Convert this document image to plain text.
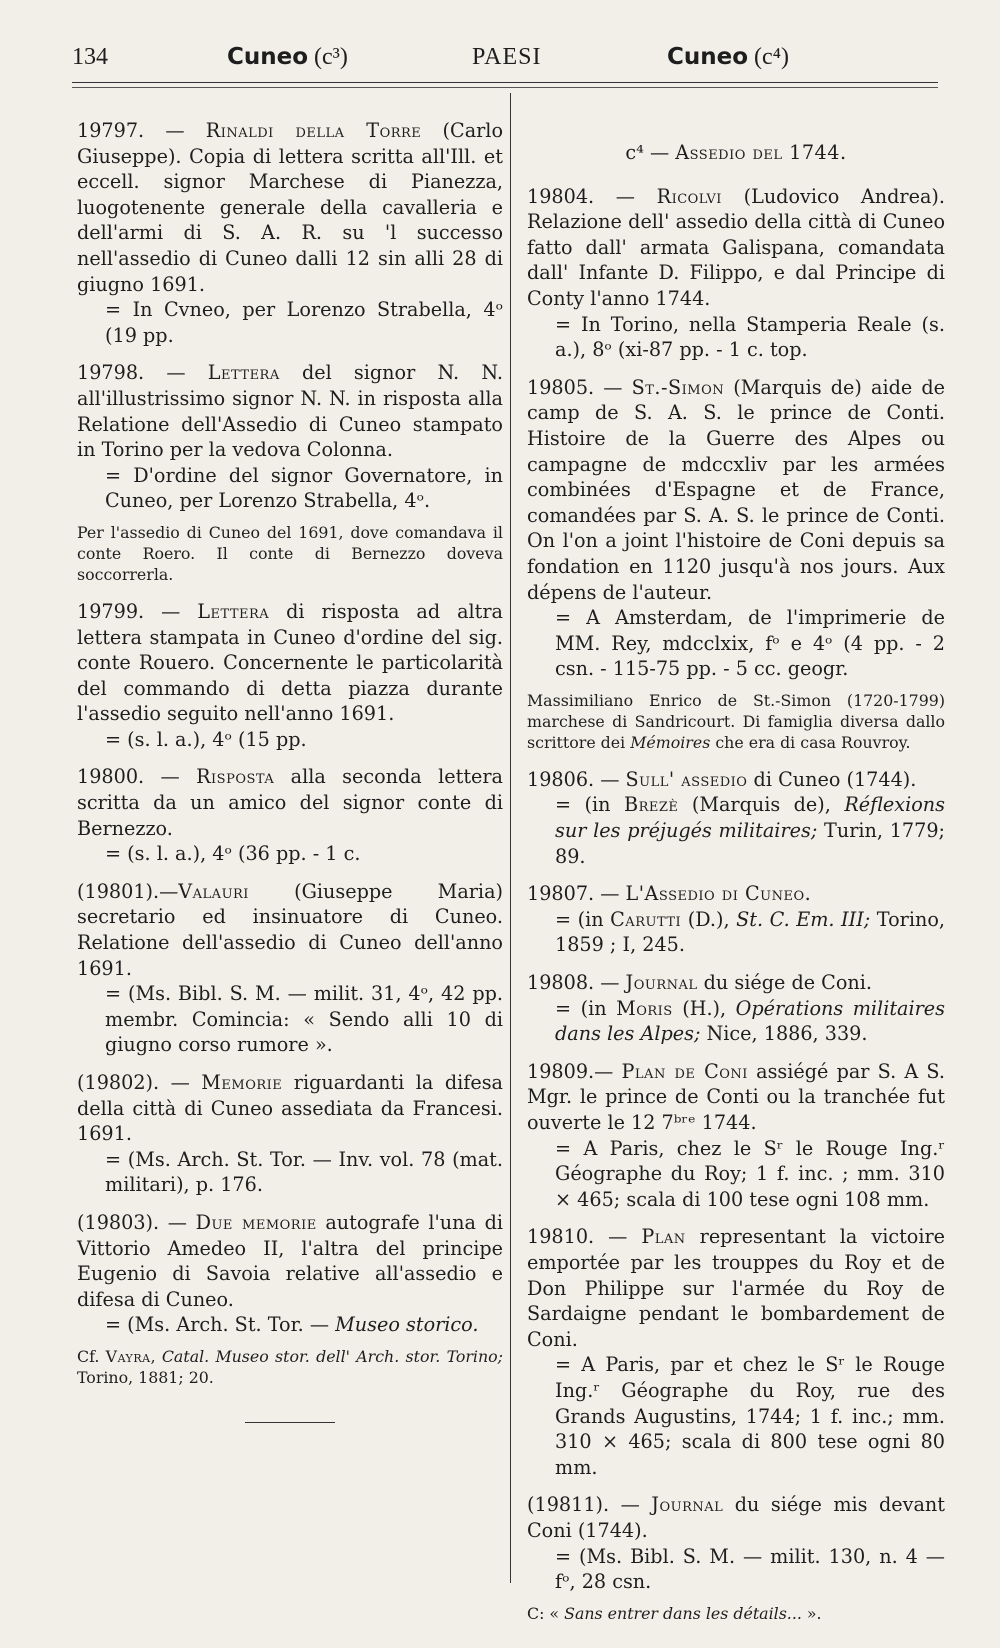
134	Cuneo (c³)	PAESI	Cuneo (c⁴)

19797. — Rinaldi della Torre (Carlo Giuseppe). Copia di lettera scritta all'Ill. et eccell. signor Marchese di Pianezza, luogotenente generale della cavalleria e dell'armi di S. A. R. su 'l successo nell'assedio di Cuneo dalli 12 sin alli 28 di giugno 1691.
= In Cvneo, per Lorenzo Strabella, 4ᵒ (19 pp.

19798. — Lettera del signor N. N. all'illustrissimo signor N. N. in risposta alla Relatione dell'Assedio di Cuneo stampato in Torino per la vedova Colonna.
= D'ordine del signor Governatore, in Cuneo, per Lorenzo Strabella, 4ᵒ.

Per l'assedio di Cuneo del 1691, dove comandava il conte Roero. Il conte di Bernezzo doveva soccorrerla.

19799. — Lettera di risposta ad altra lettera stampata in Cuneo d'ordine del sig. conte Rouero. Concernente le particolarità del commando di detta piazza durante l'assedio seguito nell'anno 1691.
= (s. l. a.), 4ᵒ (15 pp.

19800. — Risposta alla seconda lettera scritta da un amico del signor conte di Bernezzo.
= (s. l. a.), 4ᵒ (36 pp. - 1 c.

(19801).—Valauri (Giuseppe Maria) secretario ed insinuatore di Cuneo. Relatione dell'assedio di Cuneo dell'anno 1691.
= (Ms. Bibl. S. M. — milit. 31, 4ᵒ, 42 pp. membr. Comincia: « Sendo alli 10 di giugno corso rumore ».

(19802). — Memorie riguardanti la difesa della città di Cuneo assediata da Francesi. 1691.
= (Ms. Arch. St. Tor. — Inv. vol. 78 (mat. militari), p. 176.

(19803). — Due memorie autografe l'una di Vittorio Amedeo II, l'altra del principe Eugenio di Savoia relative all'assedio e difesa di Cuneo.
= (Ms. Arch. St. Tor. — Museo storico.

Cf. Vayra, Catal. Museo stor. dell' Arch. stor. Torino; Torino, 1881; 20.

c⁴ — Assedio del 1744.

19804. — Ricolvi (Ludovico Andrea). Relazione dell' assedio della città di Cuneo fatto dall' armata Galispana, comandata dall' Infante D. Filippo, e dal Principe di Conty l'anno 1744.
= In Torino, nella Stamperia Reale (s. a.), 8ᵒ (xi-87 pp. - 1 c. top.

19805. — St.-Simon (Marquis de) aide de camp de S. A. S. le prince de Conti. Histoire de la Guerre des Alpes ou campagne de mdccxliv par les armées combinées d'Espagne et de France, comandées par S. A. S. le prince de Conti. On l'on a joint l'histoire de Coni depuis sa fondation en 1120 jusqu'à nos jours. Aux dépens de l'auteur.
= A Amsterdam, de l'imprimerie de MM. Rey, mdcclxix, fᵒ e 4ᵒ (4 pp. - 2 csn. - 115-75 pp. - 5 cc. geogr.

Massimiliano Enrico de St.-Simon (1720-1799) marchese di Sandricourt. Di famiglia diversa dallo scrittore dei Mémoires che era di casa Rouvroy.

19806. — Sull' assedio di Cuneo (1744).
= (in Brezè (Marquis de), Réflexions sur les préjugés militaires; Turin, 1779; 89.

19807. — L'Assedio di Cuneo.
= (in Carutti (D.), St. C. Em. III; Torino, 1859 ; I, 245.

19808. — Journal du siége de Coni.
= (in Moris (H.), Opérations militaires dans les Alpes; Nice, 1886, 339.

19809.— Plan de Coni assiégé par S. A S. Mgr. le prince de Conti ou la tranchée fut ouverte le 12 7ᵇʳᵉ 1744.
= A Paris, chez le Sʳ le Rouge Ing.ʳ Géographe du Roy; 1 f. inc. ; mm. 310 × 465; scala di 100 tese ogni 108 mm.

19810. — Plan representant la victoire emportée par les trouppes du Roy et de Don Philippe sur l'armée du Roy de Sardaigne pendant le bombardement de Coni.
= A Paris, par et chez le Sʳ le Rouge Ing.ʳ Géographe du Roy, rue des Grands Augustins, 1744; 1 f. inc.; mm. 310 × 465; scala di 800 tese ogni 80 mm.

(19811). — Journal du siége mis devant Coni (1744).
= (Ms. Bibl. S. M. — milit. 130, n. 4 — fᵒ, 28 csn.

C: « Sans entrer dans les détails... ».
